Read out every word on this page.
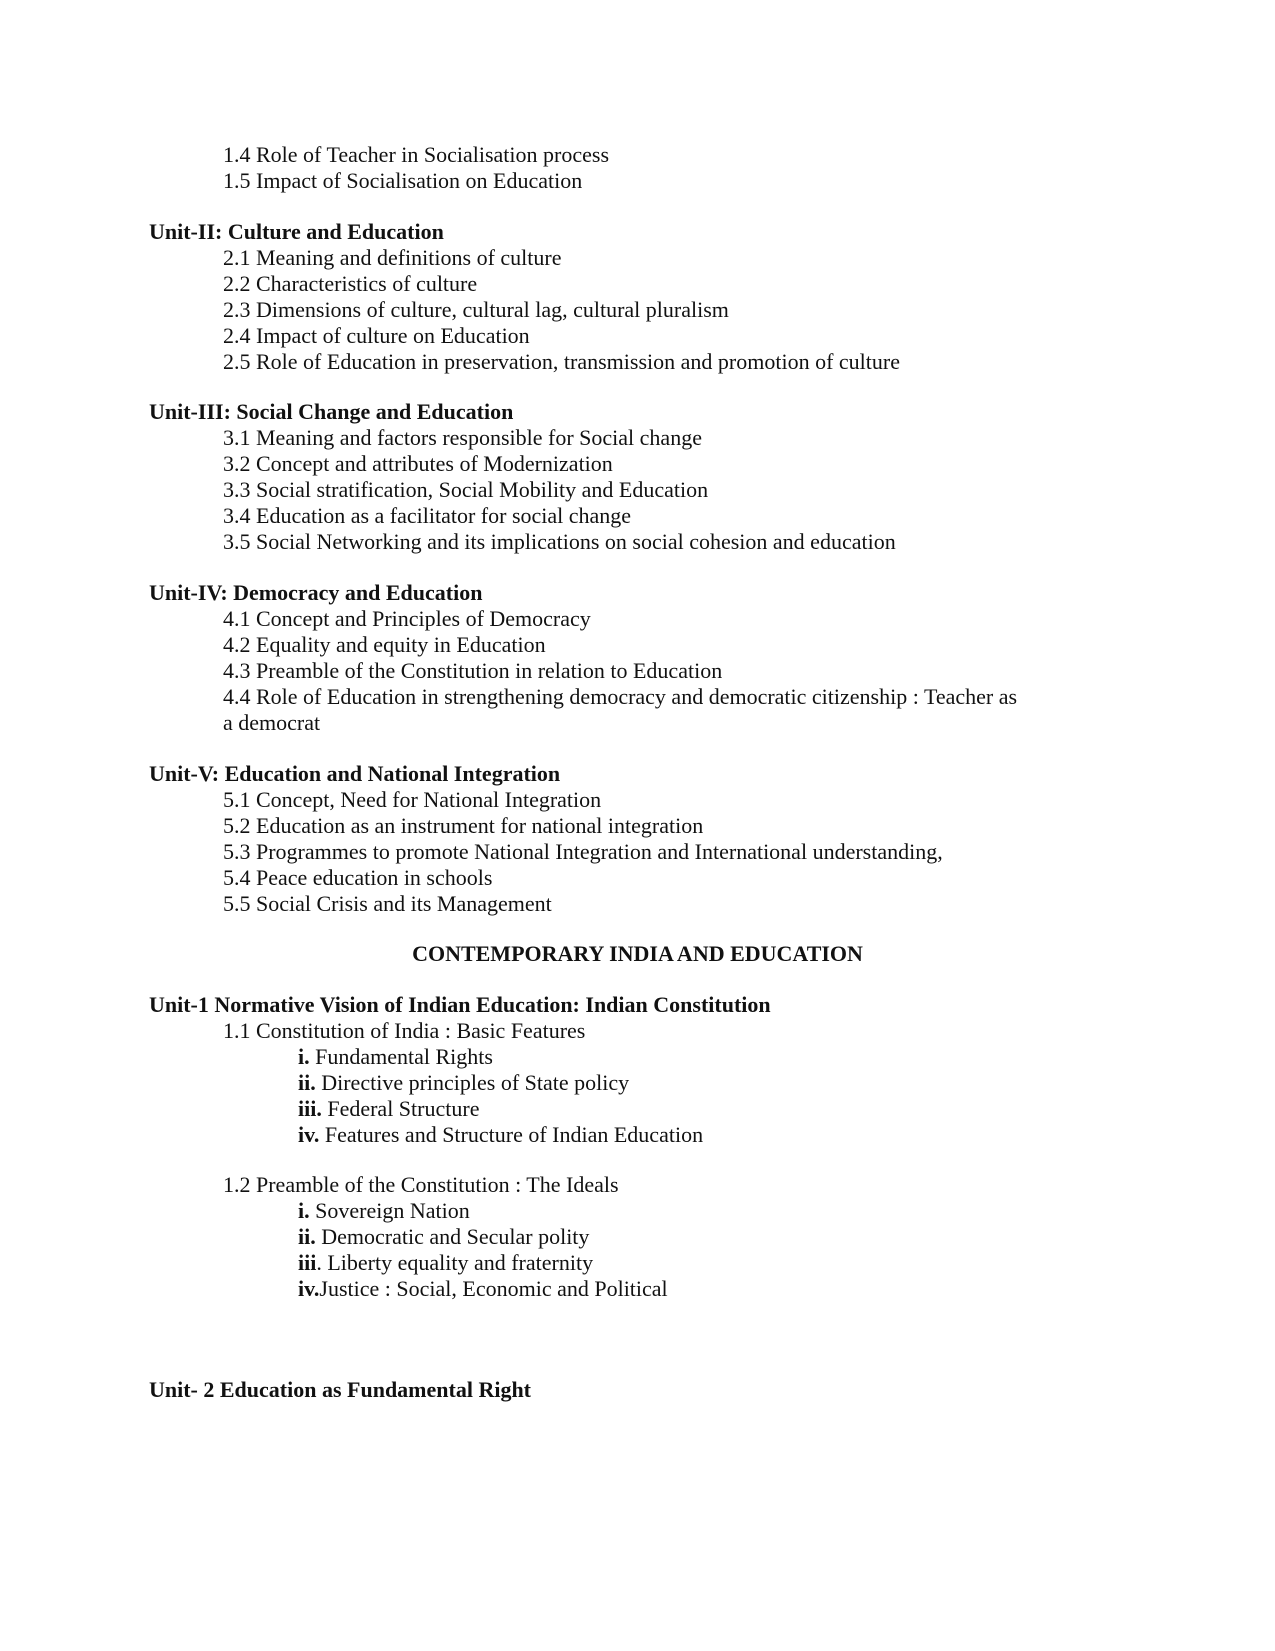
1.4 Role of Teacher in Socialisation process
1.5 Impact of Socialisation on Education
Unit-II: Culture and Education
2.1 Meaning and definitions of culture
2.2 Characteristics of culture
2.3 Dimensions of culture, cultural lag, cultural pluralism
2.4 Impact of culture on Education
2.5 Role of Education in preservation, transmission and promotion of culture
Unit-III: Social Change and Education
3.1 Meaning and factors responsible for Social change
3.2 Concept and attributes of Modernization
3.3 Social stratification, Social Mobility and Education
3.4 Education as a facilitator for social change
3.5 Social Networking and its implications on social cohesion and education
Unit-IV: Democracy and Education
4.1 Concept and Principles of Democracy
4.2 Equality and equity in Education
4.3 Preamble of the Constitution in relation to Education
4.4 Role of Education in strengthening democracy and democratic citizenship : Teacher as
a democrat
Unit-V: Education and National Integration
5.1 Concept, Need for National Integration
5.2 Education as an instrument for national integration
5.3 Programmes to promote National Integration and International understanding,
5.4 Peace education in schools
5.5 Social Crisis and its Management
CONTEMPORARY INDIA AND EDUCATION
Unit-1 Normative Vision of Indian Education: Indian Constitution
1.1 Constitution of India : Basic Features
i. Fundamental Rights
ii. Directive principles of State policy
iii. Federal Structure
iv. Features and Structure of Indian Education
1.2 Preamble of the Constitution : The Ideals
i. Sovereign Nation
ii. Democratic and Secular polity
iii. Liberty equality and fraternity
iv.Justice : Social, Economic and Political
Unit- 2 Education as Fundamental Right
